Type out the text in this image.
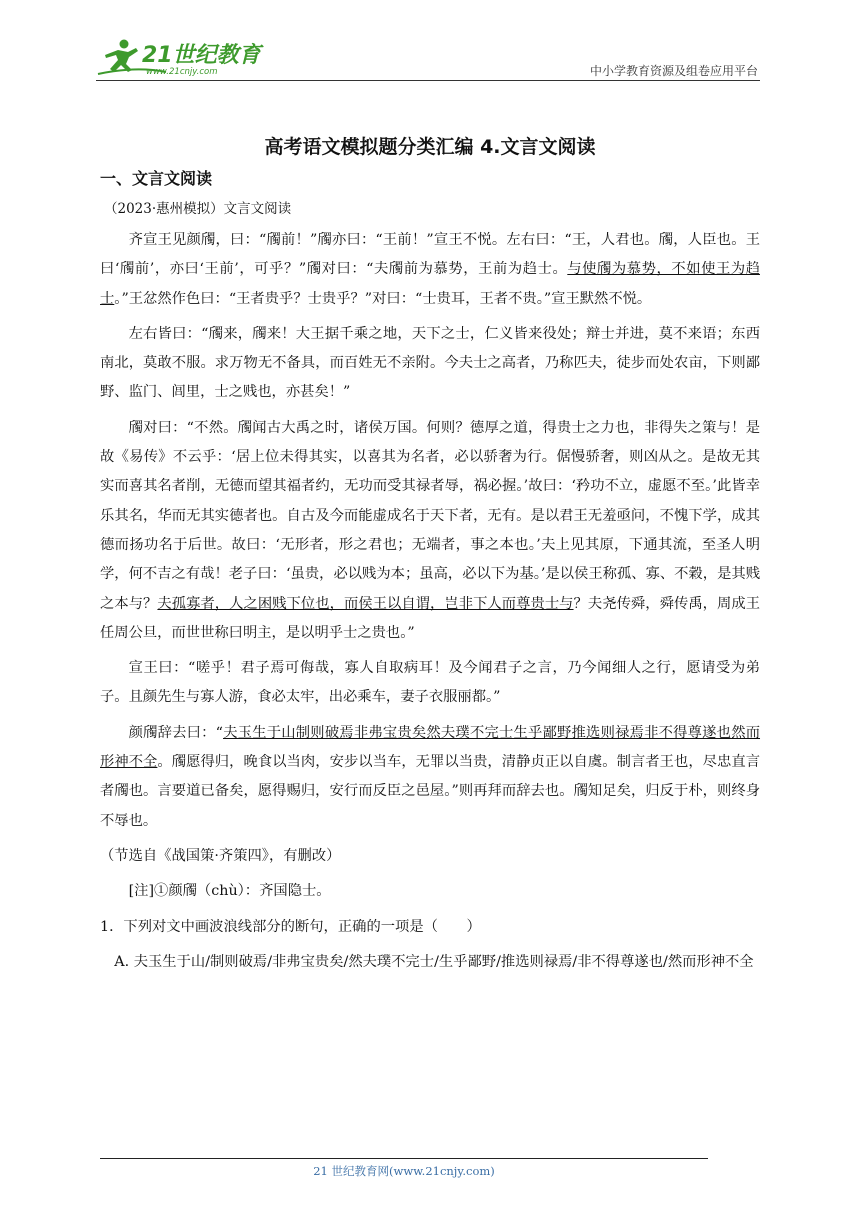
21世纪教育
www.21cnjy.com	中小学教育资源及组卷应用平台
高考语文模拟题分类汇编 4.文言文阅读
一、文言文阅读
（2023·惠州模拟）文言文阅读

齐宣王见颜斶，曰：“斶前！”斶亦曰：“王前！”宣王不悦。左右曰：“王，人君也。斶，人臣也。王曰‘斶前’，亦曰‘王前’，可乎？”斶对曰：“夫斶前为慕势，王前为趋士。与使斶为慕势，不如使王为趋士。”王忿然作色曰：“王者贵乎？士贵乎？”对曰：“士贵耳，王者不贵。”宣王默然不悦。

左右皆曰：“斶来，斶来！大王据千乘之地，天下之士，仁义皆来役处；辩士并进，莫不来语；东西南北，莫敢不服。求万物无不备具，而百姓无不亲附。今夫士之高者，乃称匹夫，徒步而处农亩，下则鄙野、监门、闾里，士之贱也，亦甚矣！”

斶对曰：“不然。斶闻古大禹之时，诸侯万国。何则？德厚之道，得贵士之力也，非得失之策与！是故《易传》不云乎：‘居上位未得其实，以喜其为名者，必以骄奢为行。倨慢骄奢，则凶从之。是故无其实而喜其名者削，无德而望其福者约，无功而受其禄者辱，祸必握。’故曰：‘矜功不立，虚愿不至。’此皆幸乐其名，华而无其实德者也。自古及今而能虚成名于天下者，无有。是以君王无羞亟问，不愧下学，成其德而扬功名于后世。故曰：‘无形者，形之君也；无端者，事之本也。’夫上见其原，下通其流，至圣人明学，何不吉之有哉！老子曰：‘虽贵，必以贱为本；虽高，必以下为基。’是以侯王称孤、寡、不穀，是其贱之本与？夫孤寡者，人之困贱下位也，而侯王以自谓，岂非下人而尊贵士与？夫尧传舜，舜传禹，周成王任周公旦，而世世称曰明主，是以明乎士之贵也。”

宣王曰：“嗟乎！君子焉可侮哉，寡人自取病耳！及今闻君子之言，乃今闻细人之行，愿请受为弟子。且颜先生与寡人游，食必太牢，出必乘车，妻子衣服丽都。”

颜斶辞去曰：“夫玉生于山制则破焉非弗宝贵矣然夫璞不完士生乎鄙野推选则禄焉非不得尊遂也然而形神不全。斶愿得归，晚食以当肉，安步以当车，无罪以当贵，清静贞正以自虞。制言者王也，尽忠直言者斶也。言要道已备矣，愿得赐归，安行而反臣之邑屋。”则再拜而辞去也。斶知足矣，归反于朴，则终身不辱也。

（节选自《战国策·齐策四》，有删改）

[注]①颜斶（chù）：齐国隐士。

1．下列对文中画波浪线部分的断句，正确的一项是（　　）

A. 夫玉生于山/制则破焉/非弗宝贵矣/然夫璞不完士/生乎鄙野/推选则禄焉/非不得尊遂也/然而形神不全

21 世纪教育网(www.21cnjy.com)
